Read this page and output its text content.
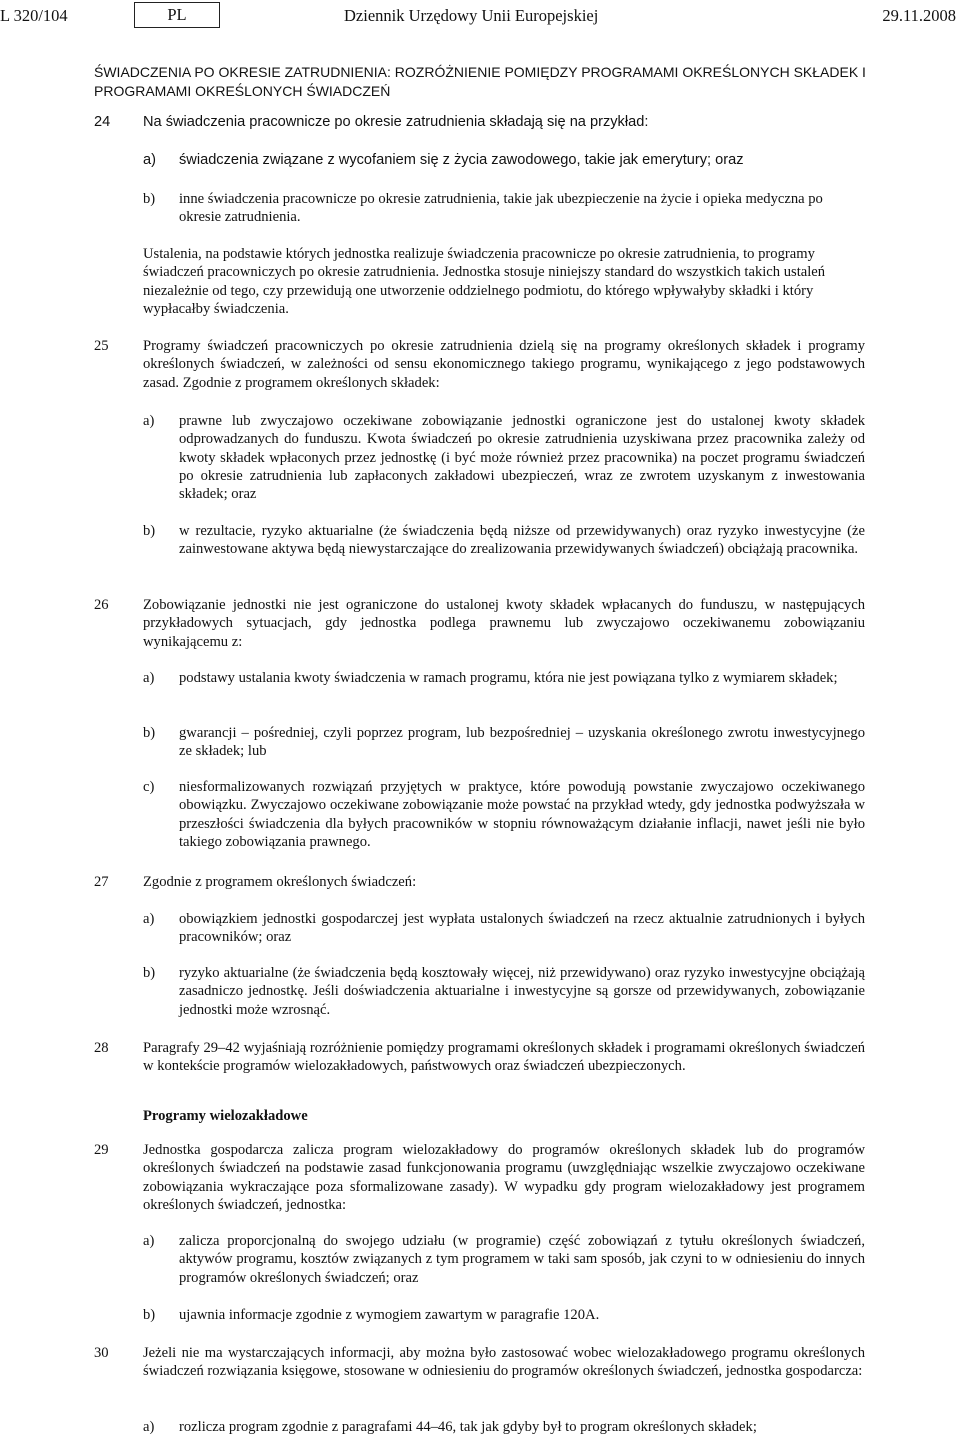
L 320/104	PL	Dziennik Urzędowy Unii Europejskiej	29.11.2008
ŚWIADCZENIA PO OKRESIE ZATRUDNIENIA: ROZRÓŻNIENIE POMIĘDZY PROGRAMAMI OKREŚLONYCH SKŁADEK I PROGRAMAMI OKREŚLONYCH ŚWIADCZEŃ
24 Na świadczenia pracownicze po okresie zatrudnienia składają się na przykład:
a) świadczenia związane z wycofaniem się z życia zawodowego, takie jak emerytury; oraz
b) inne świadczenia pracownicze po okresie zatrudnienia, takie jak ubezpieczenie na życie i opieka medyczna po okresie zatrudnienia.
Ustalenia, na podstawie których jednostka realizuje świadczenia pracownicze po okresie zatrudnienia, to programy świadczeń pracowniczych po okresie zatrudnienia. Jednostka stosuje niniejszy standard do wszystkich takich ustaleń niezależnie od tego, czy przewidują one utworzenie oddzielnego podmiotu, do którego wpływałyby składki i który wypłacałby świadczenia.
25 Programy świadczeń pracowniczych po okresie zatrudnienia dzielą się na programy określonych składek i programy określonych świadczeń, w zależności od sensu ekonomicznego takiego programu, wynikającego z jego podstawowych zasad. Zgodnie z programem określonych składek:
a) prawne lub zwyczajowo oczekiwane zobowiązanie jednostki ograniczone jest do ustalonej kwoty składek odprowadzanych do funduszu. Kwota świadczeń po okresie zatrudnienia uzyskiwana przez pracownika zależy od kwoty składek wpłaconych przez jednostkę (i być może również przez pracownika) na poczet programu świadczeń po okresie zatrudnienia lub zapłaconych zakładowi ubezpieczeń, wraz ze zwrotem uzyskanym z inwestowania składek; oraz
b) w rezultacie, ryzyko aktuarialne (że świadczenia będą niższe od przewidywanych) oraz ryzyko inwestycyjne (że zainwestowane aktywa będą niewystarczające do zrealizowania przewidywanych świadczeń) obciążają pracownika.
26 Zobowiązanie jednostki nie jest ograniczone do ustalonej kwoty składek wpłacanych do funduszu, w następujących przykładowych sytuacjach, gdy jednostka podlega prawnemu lub zwyczajowo oczekiwanemu zobowiązaniu wynikającemu z:
a) podstawy ustalania kwoty świadczenia w ramach programu, która nie jest powiązana tylko z wymiarem składek;
b) gwarancji – pośredniej, czyli poprzez program, lub bezpośredniej – uzyskania określonego zwrotu inwestycyjnego ze składek; lub
c) niesformalizowanych rozwiązań przyjętych w praktyce, które powodują powstanie zwyczajowo oczekiwanego obowiązku. Zwyczajowo oczekiwane zobowiązanie może powstać na przykład wtedy, gdy jednostka podwyższała w przeszłości świadczenia dla byłych pracowników w stopniu równoważącym działanie inflacji, nawet jeśli nie było takiego zobowiązania prawnego.
27 Zgodnie z programem określonych świadczeń:
a) obowiązkiem jednostki gospodarczej jest wypłata ustalonych świadczeń na rzecz aktualnie zatrudnionych i byłych pracowników; oraz
b) ryzyko aktuarialne (że świadczenia będą kosztowały więcej, niż przewidywano) oraz ryzyko inwestycyjne obciążają zasadniczo jednostkę. Jeśli doświadczenia aktuarialne i inwestycyjne są gorsze od przewidywanych, zobowiązanie jednostki może wzrosnąć.
28 Paragrafy 29–42 wyjaśniają rozróżnienie pomiędzy programami określonych składek i programami określonych świadczeń w kontekście programów wielozakładowych, państwowych oraz świadczeń ubezpieczonych.
Programy wielozakładowe
29 Jednostka gospodarcza zalicza program wielozakładowy do programów określonych składek lub do programów określonych świadczeń na podstawie zasad funkcjonowania programu (uwzględniając wszelkie zwyczajowo oczekiwane zobowiązania wykraczające poza sformalizowane zasady). W wypadku gdy program wielozakładowy jest programem określonych świadczeń, jednostka:
a) zalicza proporcjonalną do swojego udziału (w programie) część zobowiązań z tytułu określonych świadczeń, aktywów programu, kosztów związanych z tym programem w taki sam sposób, jak czyni to w odniesieniu do innych programów określonych świadczeń; oraz
b) ujawnia informacje zgodnie z wymogiem zawartym w paragrafie 120A.
30 Jeżeli nie ma wystarczających informacji, aby można było zastosować wobec wielozakładowego programu określonych świadczeń rozwiązania księgowe, stosowane w odniesieniu do programów określonych świadczeń, jednostka gospodarcza:
a) rozlicza program zgodnie z paragrafami 44–46, tak jak gdyby był to program określonych składek;
